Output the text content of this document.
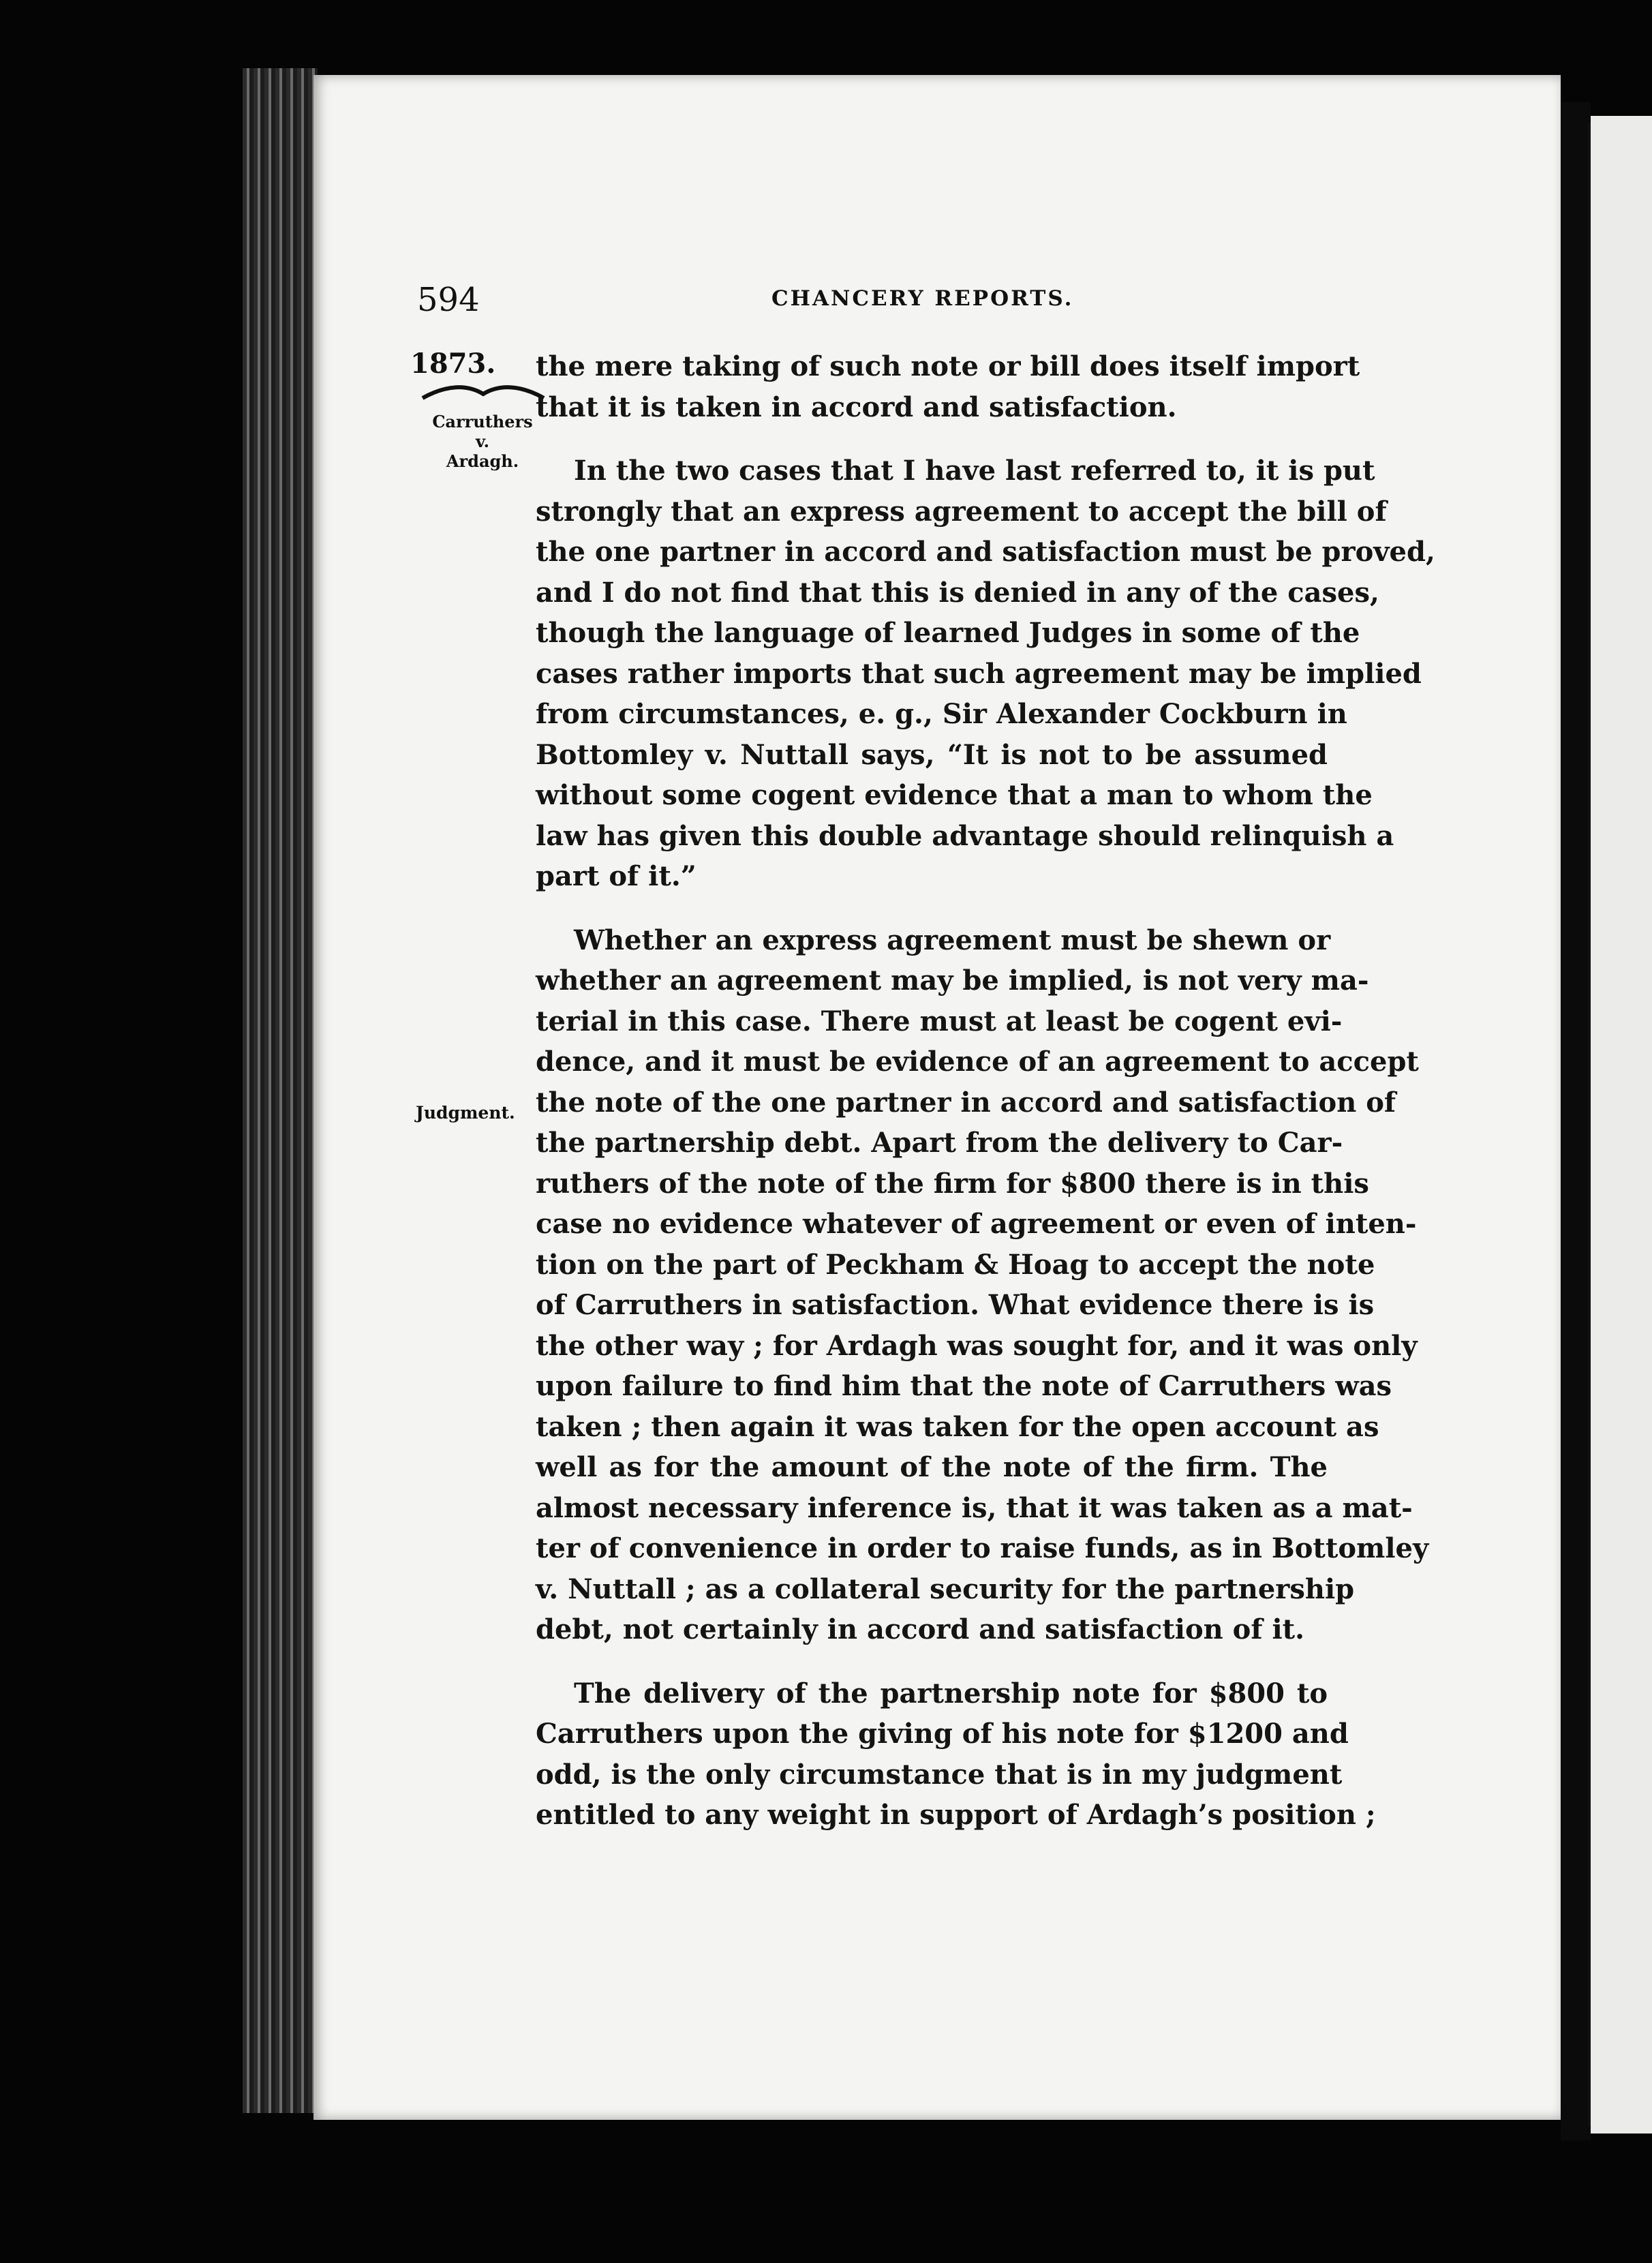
594	CHANCERY REPORTS.
1873.
Carruthers
v.
Ardagh.
Judgment.
the mere taking of such note or bill does itself import
that it is taken in accord and satisfaction.
In the two cases that I have last referred to, it is put
strongly that an express agreement to accept the bill of
the one partner in accord and satisfaction must be proved,
and I do not find that this is denied in any of the cases,
though the language of learned Judges in some of the
cases rather imports that such agreement may be implied
from circumstances, e. g., Sir Alexander Cockburn in
Bottomley v. Nuttall says, “It is not to be assumed
without some cogent evidence that a man to whom the
law has given this double advantage should relinquish a
part of it.”
Whether an express agreement must be shewn or
whether an agreement may be implied, is not very ma-
terial in this case. There must at least be cogent evi-
dence, and it must be evidence of an agreement to accept
the note of the one partner in accord and satisfaction of
the partnership debt. Apart from the delivery to Car-
ruthers of the note of the firm for $800 there is in this
case no evidence whatever of agreement or even of inten-
tion on the part of Peckham & Hoag to accept the note
of Carruthers in satisfaction. What evidence there is is
the other way ; for Ardagh was sought for, and it was only
upon failure to find him that the note of Carruthers was
taken ; then again it was taken for the open account as
well as for the amount of the note of the firm. The
almost necessary inference is, that it was taken as a mat-
ter of convenience in order to raise funds, as in Bottomley
v. Nuttall ; as a collateral security for the partnership
debt, not certainly in accord and satisfaction of it.
The delivery of the partnership note for $800 to
Carruthers upon the giving of his note for $1200 and
odd, is the only circumstance that is in my judgment
entitled to any weight in support of Ardagh’s position ;
